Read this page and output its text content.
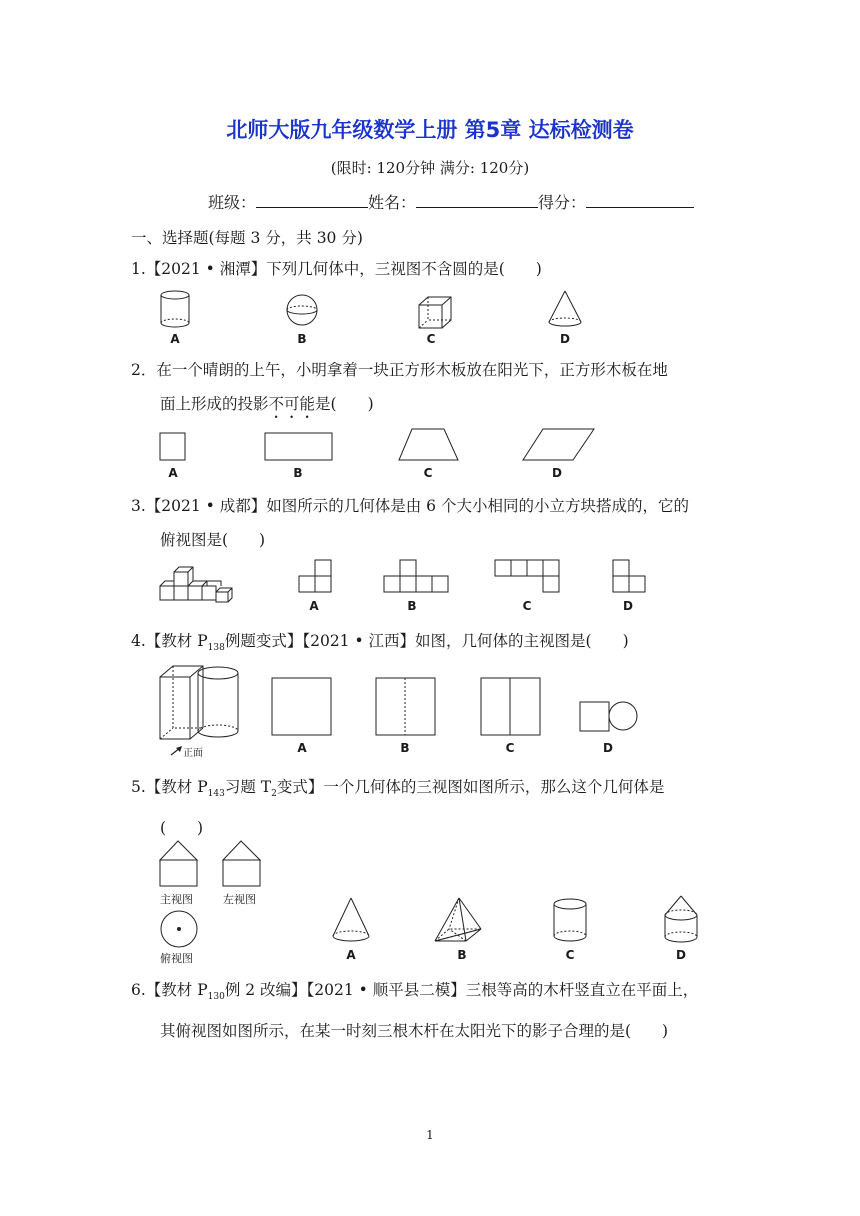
北师大版九年级数学上册 第5章 达标检测卷
(限时: 120分钟 满分: 120分)
班级：	姓名：	得分：
一、选择题(每题 3 分，共 30 分)
1.【2021 • 湘潭】下列几何体中，三视图不含圆的是(　　)
A	B	C	D
2．在一个晴朗的上午，小明拿着一块正方形木板放在阳光下，正方形木板在地
面上形成的投影不可能是(　　)
A	B	C	D
3.【2021 • 成都】如图所示的几何体是由 6 个大小相同的小立方块搭成的，它的
俯视图是(　　)
A	B	C	D
4.【教材 $P_{138}$例题变式】【2021 • 江西】如图，几何体的主视图是(　　)
正面	A	B	C	D
5.【教材 $P_{143}$习题 $T_2$变式】一个几何体的三视图如图所示，那么这个几何体是
(　　)
主视图	左视图
俯视图	A	B	C	D
6.【教材 $P_{130}$例 2 改编】【2021 • 顺平县二模】三根等高的木杆竖直立在平面上，
其俯视图如图所示，在某一时刻三根木杆在太阳光下的影子合理的是(　　)
1
